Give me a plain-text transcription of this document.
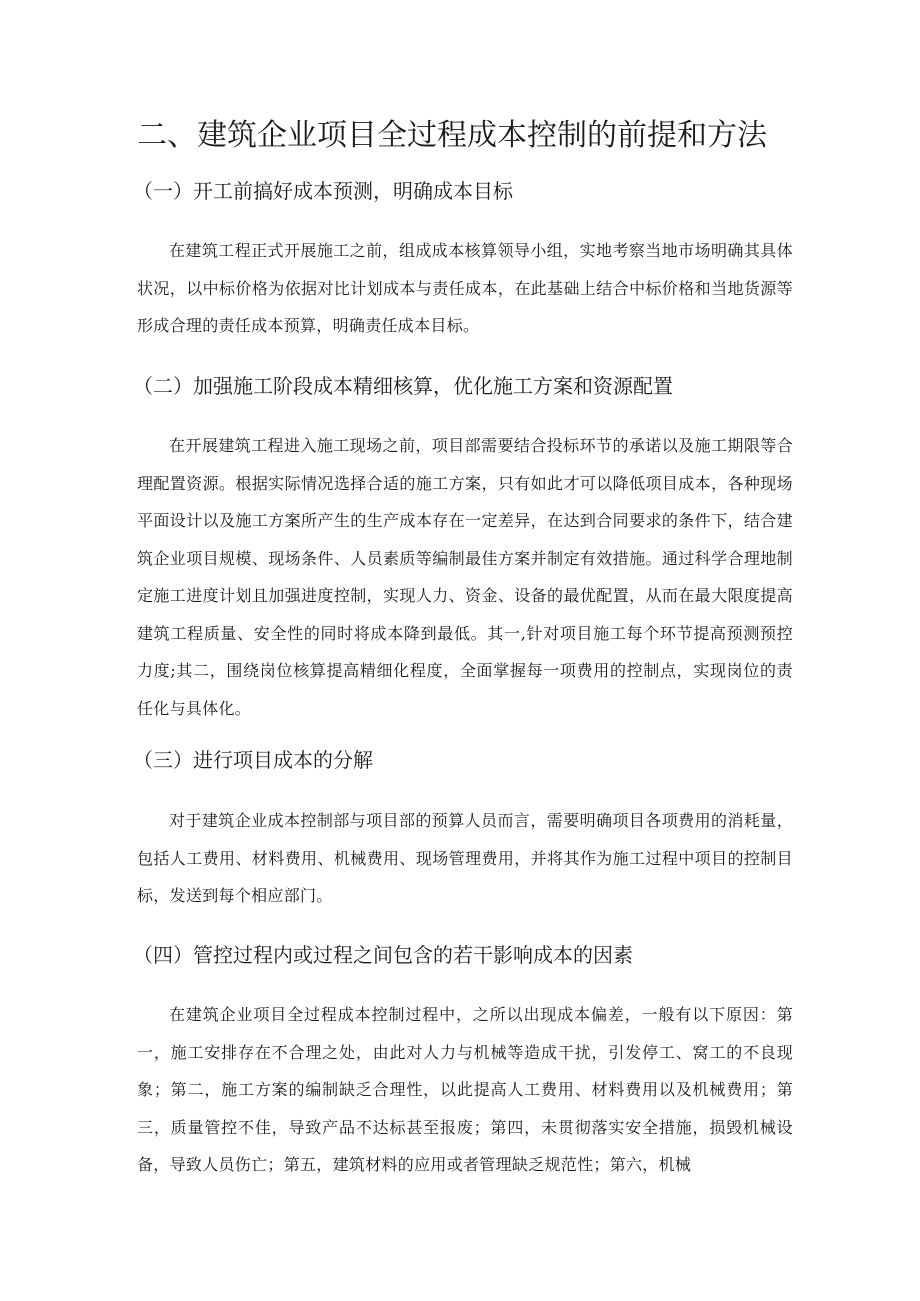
二、建筑企业项目全过程成本控制的前提和方法
（一）开工前搞好成本预测，明确成本目标

在建筑工程正式开展施工之前，组成成本核算领导小组，实地考察当地市场明确其具体状况，以中标价格为依据对比计划成本与责任成本，在此基础上结合中标价格和当地货源等形成合理的责任成本预算，明确责任成本目标。

（二）加强施工阶段成本精细核算，优化施工方案和资源配置

在开展建筑工程进入施工现场之前，项目部需要结合投标环节的承诺以及施工期限等合理配置资源。根据实际情况选择合适的施工方案，只有如此才可以降低项目成本，各种现场平面设计以及施工方案所产生的生产成本存在一定差异，在达到合同要求的条件下，结合建筑企业项目规模、现场条件、人员素质等编制最佳方案并制定有效措施。通过科学合理地制定施工进度计划且加强进度控制，实现人力、资金、设备的最优配置，从而在最大限度提高建筑工程质量、安全性的同时将成本降到最低。其一,针对项目施工每个环节提高预测预控力度;其二，围绕岗位核算提高精细化程度，全面掌握每一项费用的控制点，实现岗位的责任化与具体化。

（三）进行项目成本的分解

对于建筑企业成本控制部与项目部的预算人员而言，需要明确项目各项费用的消耗量，包括人工费用、材料费用、机械费用、现场管理费用，并将其作为施工过程中项目的控制目标，发送到每个相应部门。

（四）管控过程内或过程之间包含的若干影响成本的因素

在建筑企业项目全过程成本控制过程中，之所以出现成本偏差，一般有以下原因：第一，施工安排存在不合理之处，由此对人力与机械等造成干扰，引发停工、窝工的不良现象；第二，施工方案的编制缺乏合理性，以此提高人工费用、材料费用以及机械费用；第三，质量管控不佳，导致产品不达标甚至报废；第四，未贯彻落实安全措施，损毁机械设备，导致人员伤亡；第五，建筑材料的应用或者管理缺乏规范性；第六，机械
